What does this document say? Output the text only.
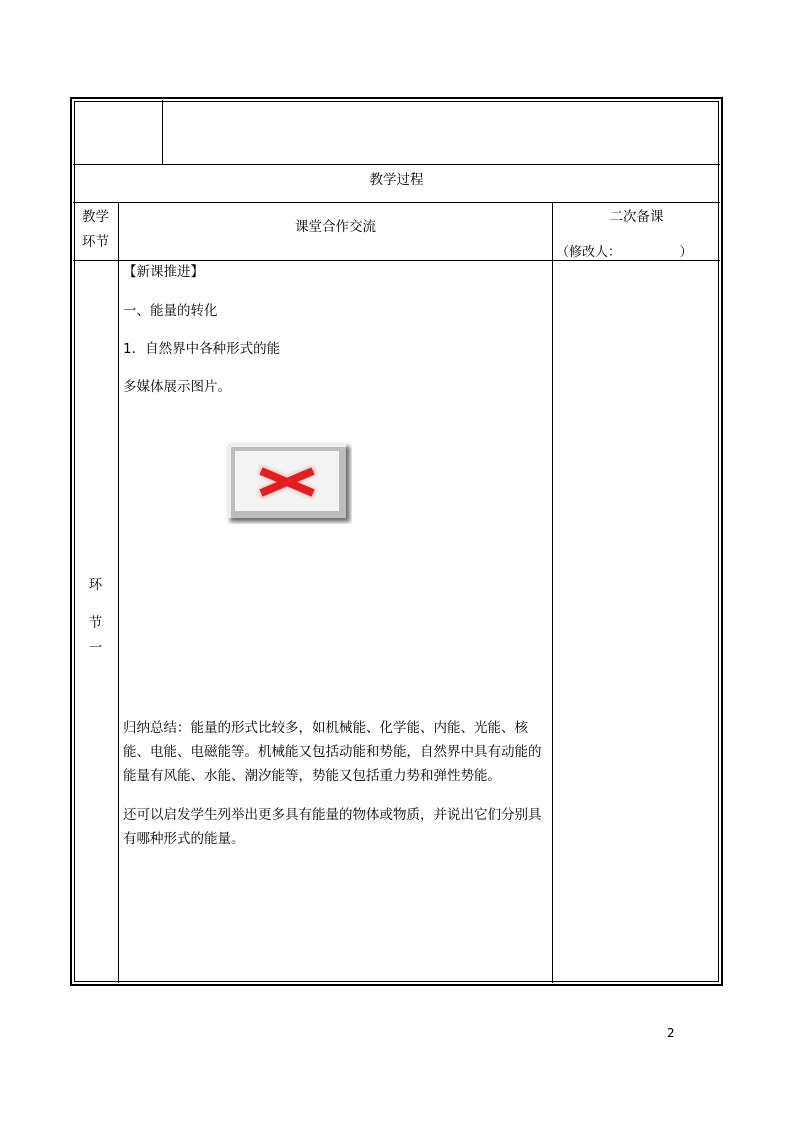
教学过程
教学
环节
课堂合作交流
二次备课
（修改人：　　　　　）
环
节
一
【新课推进】
一、能量的转化
1．自然界中各种形式的能
多媒体展示图片。
归纳总结：能量的形式比较多，如机械能、化学能、内能、光能、核能、电能、电磁能等。机械能又包括动能和势能，自然界中具有动能的能量有风能、水能、潮汐能等，势能又包括重力势和弹性势能。
还可以启发学生列举出更多具有能量的物体或物质，并说出它们分别具有哪种形式的能量。
2
